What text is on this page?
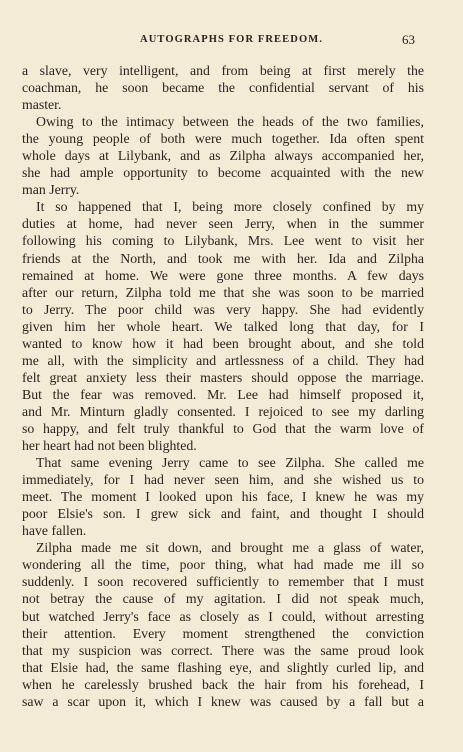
AUTOGRAPHS FOR FREEDOM.	63
a slave, very intelligent, and from being at first merely the
coachman, he soon became the confidential servant of his
master.
Owing to the intimacy between the heads of the two families,
the young people of both were much together. Ida often spent
whole days at Lilybank, and as Zilpha always accompanied her,
she had ample opportunity to become acquainted with the new
man Jerry.
It so happened that I, being more closely confined by my
duties at home, had never seen Jerry, when in the summer
following his coming to Lilybank, Mrs. Lee went to visit her
friends at the North, and took me with her. Ida and Zilpha
remained at home. We were gone three months. A few days
after our return, Zilpha told me that she was soon to be married
to Jerry. The poor child was very happy. She had evidently
given him her whole heart. We talked long that day, for I
wanted to know how it had been brought about, and she told
me all, with the simplicity and artlessness of a child. They had
felt great anxiety less their masters should oppose the marriage.
But the fear was removed. Mr. Lee had himself proposed it,
and Mr. Minturn gladly consented. I rejoiced to see my darling
so happy, and felt truly thankful to God that the warm love of
her heart had not been blighted.
That same evening Jerry came to see Zilpha. She called me
immediately, for I had never seen him, and she wished us to
meet. The moment I looked upon his face, I knew he was my
poor Elsie's son. I grew sick and faint, and thought I should
have fallen.
Zilpha made me sit down, and brought me a glass of water,
wondering all the time, poor thing, what had made me ill so
suddenly. I soon recovered sufficiently to remember that I must
not betray the cause of my agitation. I did not speak much,
but watched Jerry's face as closely as I could, without arresting
their attention. Every moment strengthened the conviction
that my suspicion was correct. There was the same proud look
that Elsie had, the same flashing eye, and slightly curled lip, and
when he carelessly brushed back the hair from his forehead, I
saw a scar upon it, which I knew was caused by a fall but a
